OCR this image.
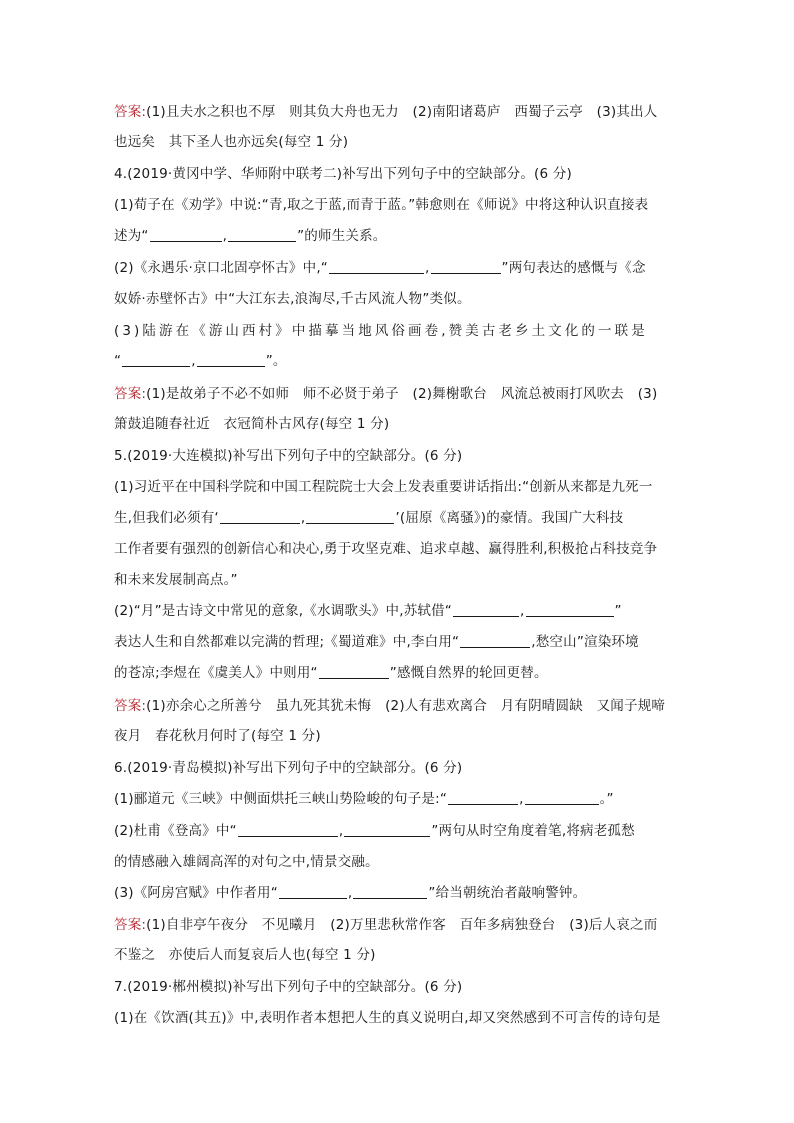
答案:(1)且夫水之积也不厚　则其负大舟也无力　(2)南阳诸葛庐　西蜀子云亭　(3)其出人
也远矣　其下圣人也亦远矣(每空 1 分)
4.(2019·黄冈中学、华师附中联考二)补写出下列句子中的空缺部分。(6 分)
(1)荀子在《劝学》中说:“青,取之于蓝,而青于蓝。”韩愈则在《师说》中将这种认识直接表
述为“	,	”的师生关系。
(2)《永遇乐·京口北固亭怀古》中,“	,	”两句表达的感慨与《念
奴娇·赤壁怀古》中“大江东去,浪淘尽,千古风流人物”类似。
(3)陆游在《游山西村》中描摹当地风俗画卷,赞美古老乡土文化的一联是
“	,	”。
答案:(1)是故弟子不必不如师　师不必贤于弟子　(2)舞榭歌台　风流总被雨打风吹去　(3)
箫鼓追随春社近　衣冠简朴古风存(每空 1 分)
5.(2019·大连模拟)补写出下列句子中的空缺部分。(6 分)
(1)习近平在中国科学院和中国工程院院士大会上发表重要讲话指出:“创新从来都是九死一
生,但我们必须有‘	,	’(屈原《离骚》)的豪情。我国广大科技
工作者要有强烈的创新信心和决心,勇于攻坚克难、追求卓越、赢得胜利,积极抢占科技竞争
和未来发展制高点。”
(2)“月”是古诗文中常见的意象,《水调歌头》中,苏轼借“	,	”
表达人生和自然都难以完满的哲理;《蜀道难》中,李白用“	,愁空山”渲染环境
的苍凉;李煜在《虞美人》中则用“	”感慨自然界的轮回更替。
答案:(1)亦余心之所善兮　虽九死其犹未悔　(2)人有悲欢离合　月有阴晴圆缺　又闻子规啼
夜月　春花秋月何时了(每空 1 分)
6.(2019·青岛模拟)补写出下列句子中的空缺部分。(6 分)
(1)郦道元《三峡》中侧面烘托三峡山势险峻的句子是:“	,	。”
(2)杜甫《登高》中“	,	”两句从时空角度着笔,将病老孤愁
的情感融入雄阔高浑的对句之中,情景交融。
(3)《阿房宫赋》中作者用“	,	”给当朝统治者敲响警钟。
答案:(1)自非亭午夜分　不见曦月　(2)万里悲秋常作客　百年多病独登台　(3)后人哀之而
不鉴之　亦使后人而复哀后人也(每空 1 分)
7.(2019·郴州模拟)补写出下列句子中的空缺部分。(6 分)
(1)在《饮酒(其五)》中,表明作者本想把人生的真义说明白,却又突然感到不可言传的诗句是
